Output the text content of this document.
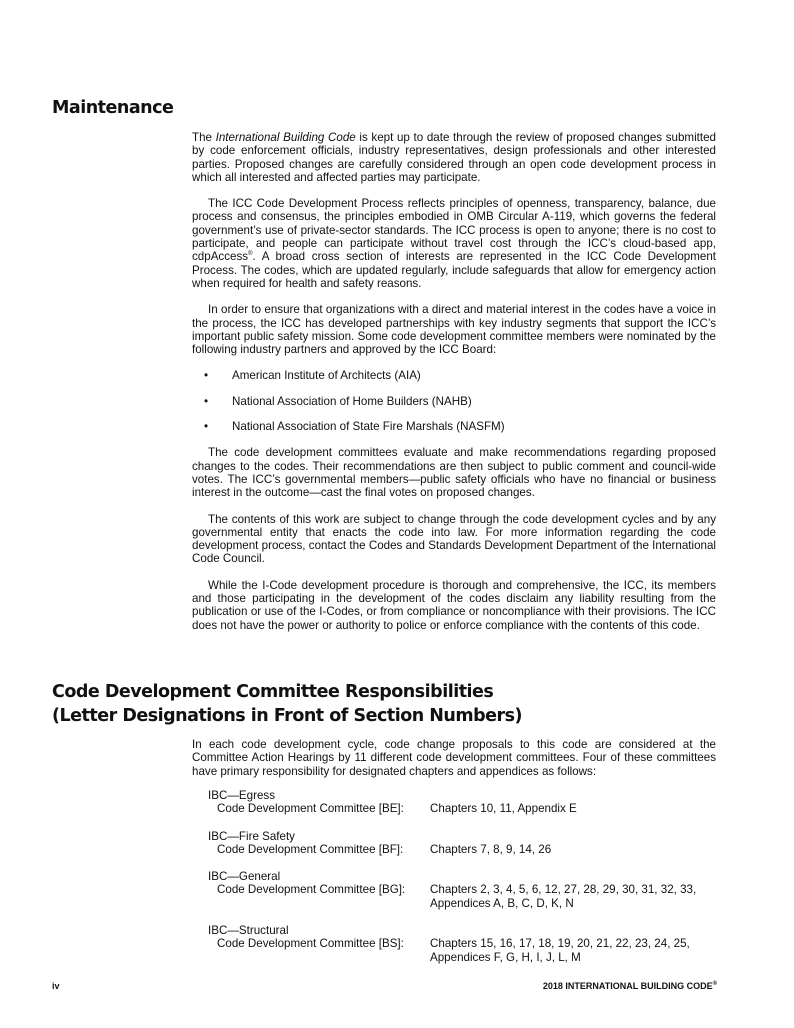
Maintenance

The International Building Code is kept up to date through the review of proposed changes submitted by code enforcement officials, industry representatives, design professionals and other interested parties. Proposed changes are carefully considered through an open code development process in which all interested and affected parties may participate.

The ICC Code Development Process reflects principles of openness, transparency, balance, due process and consensus, the principles embodied in OMB Circular A-119, which governs the federal government’s use of private-sector standards. The ICC process is open to anyone; there is no cost to participate, and people can participate without travel cost through the ICC’s cloud-based app, cdpAccess®. A broad cross section of interests are represented in the ICC Code Development Process. The codes, which are updated regularly, include safeguards that allow for emergency action when required for health and safety reasons.

In order to ensure that organizations with a direct and material interest in the codes have a voice in the process, the ICC has developed partnerships with key industry segments that support the ICC’s important public safety mission. Some code development committee members were nominated by the following industry partners and approved by the ICC Board:

• American Institute of Architects (AIA)
• National Association of Home Builders (NAHB)
• National Association of State Fire Marshals (NASFM)

The code development committees evaluate and make recommendations regarding proposed changes to the codes. Their recommendations are then subject to public comment and council-wide votes. The ICC’s governmental members—public safety officials who have no financial or business interest in the outcome—cast the final votes on proposed changes.

The contents of this work are subject to change through the code development cycles and by any governmental entity that enacts the code into law. For more information regarding the code development process, contact the Codes and Standards Development Department of the International Code Council.

While the I-Code development procedure is thorough and comprehensive, the ICC, its members and those participating in the development of the codes disclaim any liability resulting from the publication or use of the I-Codes, or from compliance or noncompliance with their provisions. The ICC does not have the power or authority to police or enforce compliance with the contents of this code.

Code Development Committee Responsibilities
(Letter Designations in Front of Section Numbers)

In each code development cycle, code change proposals to this code are considered at the Committee Action Hearings by 11 different code development committees. Four of these committees have primary responsibility for designated chapters and appendices as follows:

IBC—Egress
Code Development Committee [BE]:	Chapters 10, 11, Appendix E
IBC—Fire Safety
Code Development Committee [BF]:	Chapters 7, 8, 9, 14, 26
IBC—General
Code Development Committee [BG]:	Chapters 2, 3, 4, 5, 6, 12, 27, 28, 29, 30, 31, 32, 33,
Appendices A, B, C, D, K, N
IBC—Structural
Code Development Committee [BS]:	Chapters 15, 16, 17, 18, 19, 20, 21, 22, 23, 24, 25,
Appendices F, G, H, I, J, L, M
iv	2018 INTERNATIONAL BUILDING CODE®
